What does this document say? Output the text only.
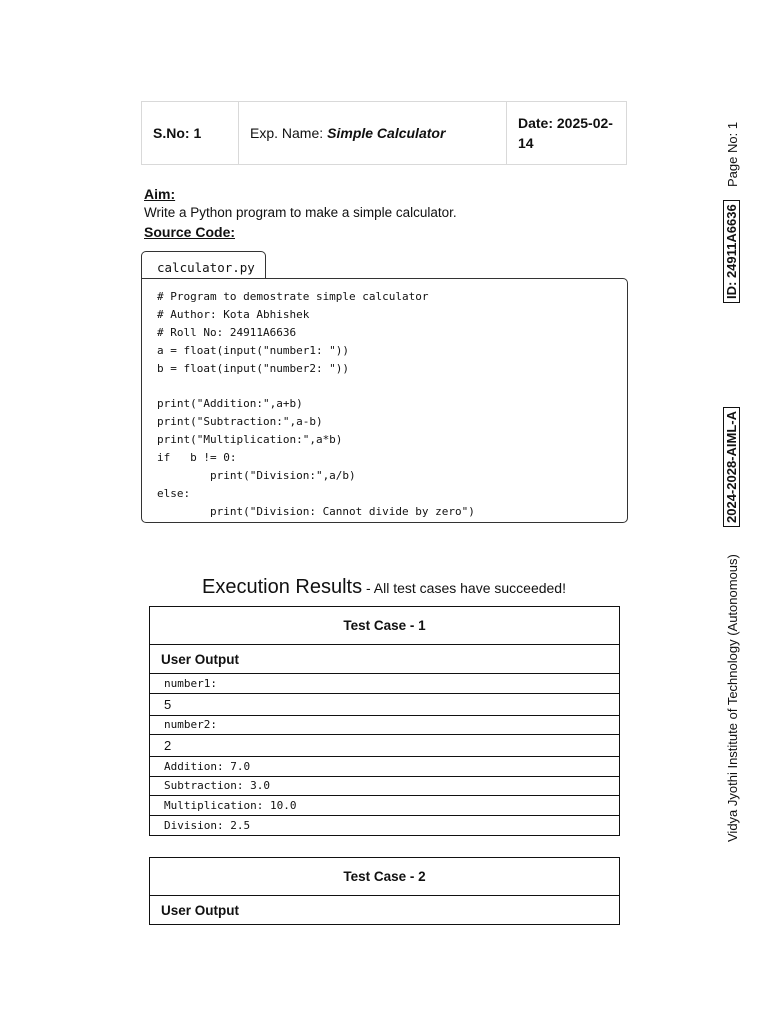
S.No: 1	Exp. Name: Simple Calculator
Date: 2025-02-
14
Aim:
Write a Python program to make a simple calculator.
Source Code:
calculator.py
# Program to demostrate simple calculator
# Author: Kota Abhishek
# Roll No: 24911A6636
a = float(input("number1: "))
b = float(input("number2: "))

print("Addition:",a+b)
print("Subtraction:",a-b)
print("Multiplication:",a*b)
if   b != 0:
print("Division:",a/b)
else:
print("Division: Cannot divide by zero")
Execution Results - All test cases have succeeded!
Test Case - 1
User Output
number1:
5
number2:
2
Addition: 7.0
Subtraction: 3.0
Multiplication: 10.0
Division: 2.5
Test Case - 2
User Output
Page No: 1
ID: 24911A6636
2024-2028-AIML-A
Vidya Jyothi Institute of Technology (Autonomous)
